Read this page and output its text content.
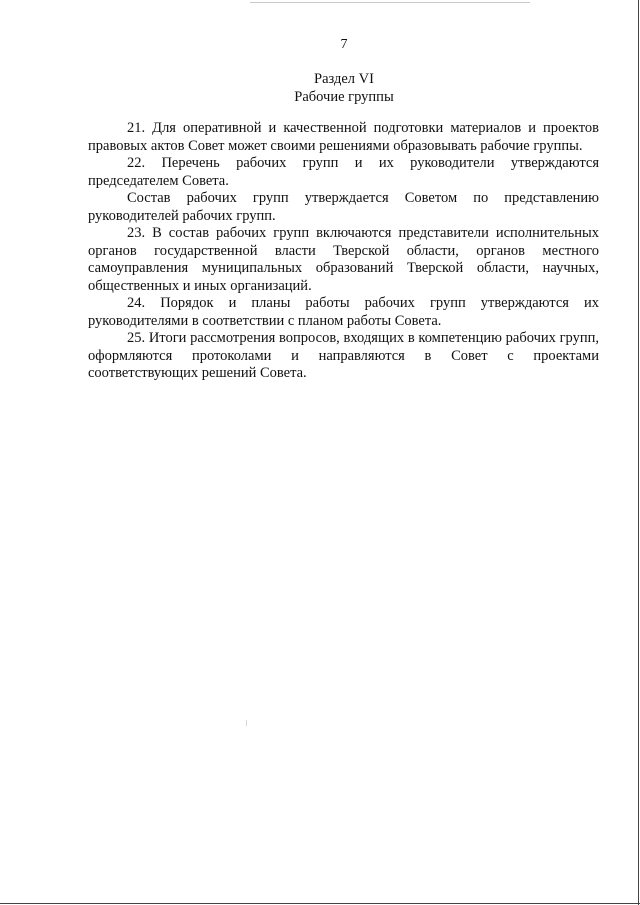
7
Раздел VI
Рабочие группы

21. Для оперативной и качественной подготовки материалов и проектов правовых актов Совет может своими решениями образовывать рабочие группы.

22. Перечень рабочих групп и их руководители утверждаются председателем Совета.

Состав рабочих групп утверждается Советом по представлению руководителей рабочих групп.

23. В состав рабочих групп включаются представители исполнительных органов государственной власти Тверской области, органов местного самоуправления муниципальных образований Тверской области, научных, общественных и иных организаций.

24. Порядок и планы работы рабочих групп утверждаются их руководителями в соответствии с планом работы Совета.

25. Итоги рассмотрения вопросов, входящих в компетенцию рабочих групп, оформляются протоколами и направляются в Совет с проектами соответствующих решений Совета.
